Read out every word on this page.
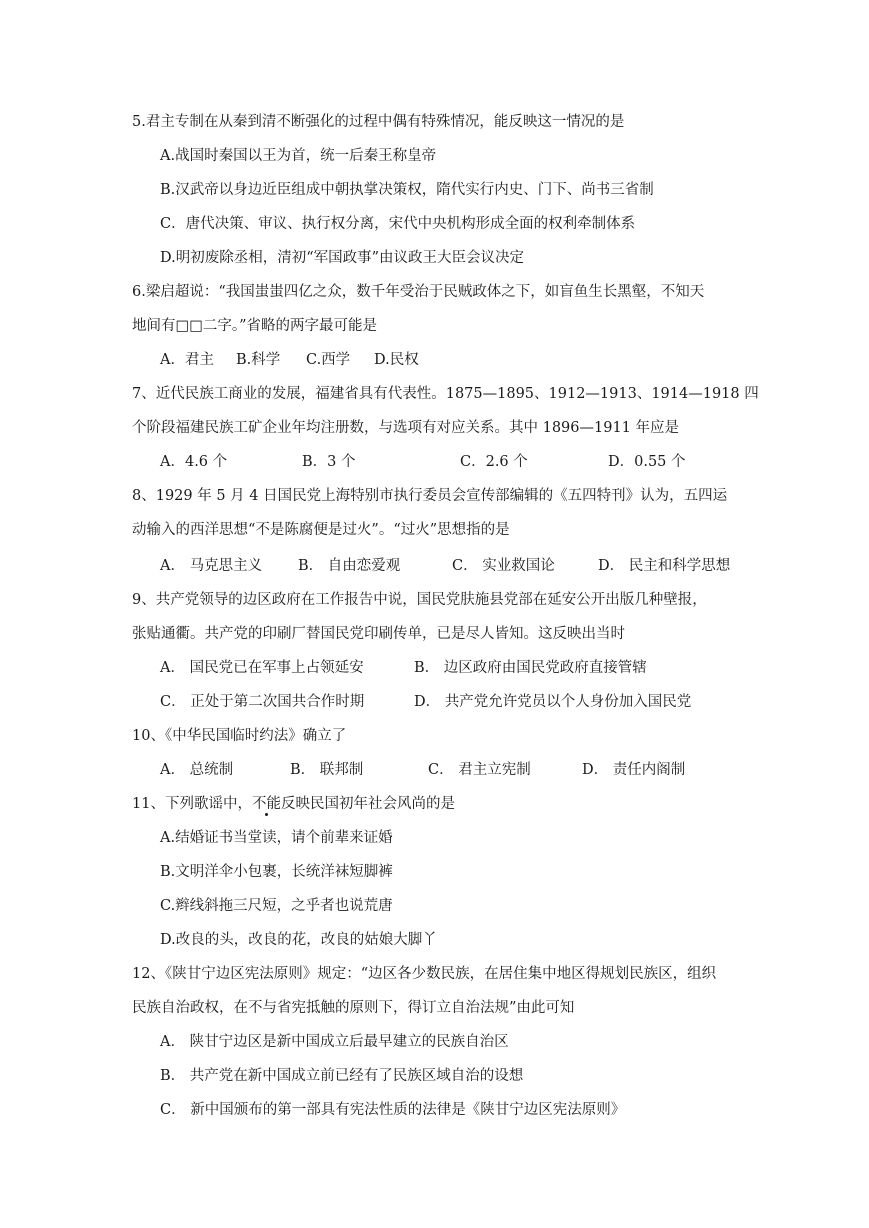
5.君主专制在从秦到清不断强化的过程中偶有特殊情况，能反映这一情况的是
A.战国时秦国以王为首，统一后秦王称皇帝
B.汉武帝以身边近臣组成中朝执掌决策权，隋代实行内史、门下、尚书三省制
C．唐代决策、审议、执行权分离，宋代中央机构形成全面的权利牵制体系
D.明初废除丞相，清初“军国政事”由议政王大臣会议决定
6.梁启超说：“我国蚩蚩四亿之众，数千年受治于民贼政体之下，如盲鱼生长黑壑，不知天
地间有□□二字。”省略的两字最可能是
A．君主 B.科学 C.西学 D.民权
7、近代民族工商业的发展，福建省具有代表性。1875—1895、1912—1913、1914—1918 四
个阶段福建民族工矿企业年均注册数，与选项有对应关系。其中 1896—1911 年应是
A．4.6 个	B．3 个	C．2.6 个	D．0.55 个
8、1929 年 5 月 4 日国民党上海特别市执行委员会宣传部编辑的《五四特刊》认为，五四运
动输入的西洋思想“不是陈腐便是过火”。“过火”思想指的是
A． 马克思主义 B． 自由恋爱观	C． 实业救国论	D． 民主和科学思想
9、共产党领导的边区政府在工作报告中说，国民党肤施县党部在延安公开出版几种壁报，
张贴通衢。共产党的印刷厂替国民党印刷传单，已是尽人皆知。这反映出当时
A． 国民党已在军事上占领延安	B． 边区政府由国民党政府直接管辖
C． 正处于第二次国共合作时期	D． 共产党允许党员以个人身份加入国民党
10、《中华民国临时约法》确立了
A． 总统制	B． 联邦制	C． 君主立宪制	D． 责任内阁制
11、下列歌谣中，不能反映民国初年社会风尚的是
A.结婚证书当堂读，请个前辈来证婚
B.文明洋伞小包裹，长统洋袜短脚裤
C.辫线斜拖三尺短，之乎者也说荒唐
D.改良的头，改良的花，改良的姑娘大脚丫
12、《陕甘宁边区宪法原则》规定：“边区各少数民族，在居住集中地区得规划民族区，组织
民族自治政权，在不与省宪抵触的原则下，得订立自治法规”由此可知
A． 陕甘宁边区是新中国成立后最早建立的民族自治区
B． 共产党在新中国成立前已经有了民族区域自治的设想
C． 新中国颁布的第一部具有宪法性质的法律是《陕甘宁边区宪法原则》
